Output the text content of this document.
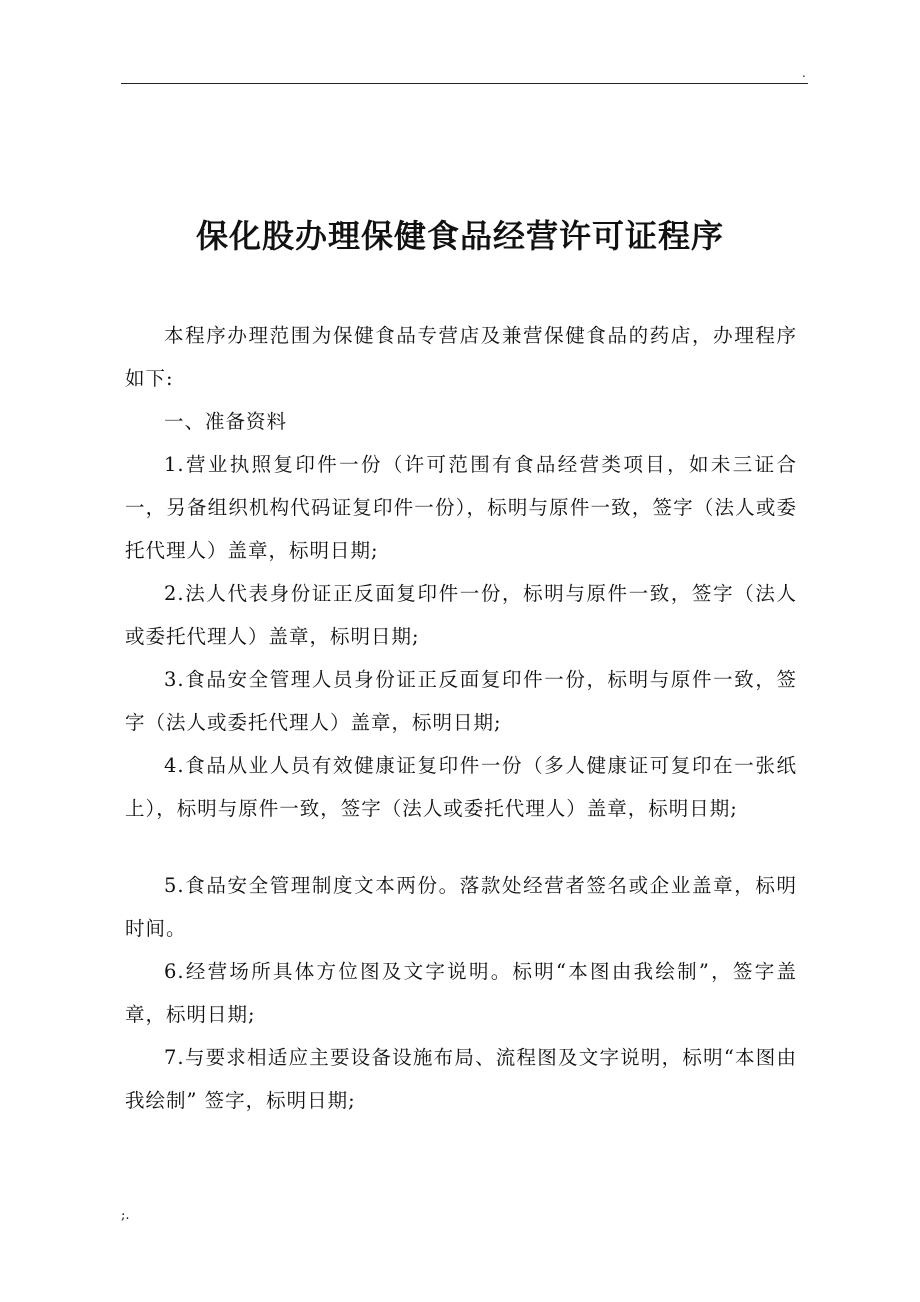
.
保化股办理保健食品经营许可证程序

本程序办理范围为保健食品专营店及兼营保健食品的药店，办理程序如下:

一、准备资料

1.营业执照复印件一份（许可范围有食品经营类项目，如未三证合一，另备组织机构代码证复印件一份），标明与原件一致，签字（法人或委托代理人）盖章，标明日期;

2.法人代表身份证正反面复印件一份，标明与原件一致，签字（法人或委托代理人）盖章，标明日期;

3.食品安全管理人员身份证正反面复印件一份，标明与原件一致，签字（法人或委托代理人）盖章，标明日期;

4.食品从业人员有效健康证复印件一份（多人健康证可复印在一张纸上），标明与原件一致，签字（法人或委托代理人）盖章，标明日期;

5.食品安全管理制度文本两份。落款处经营者签名或企业盖章，标明时间。

6.经营场所具体方位图及文字说明。标明“本图由我绘制”，签字盖章，标明日期;

7.与要求相适应主要设备设施布局、流程图及文字说明，标明“本图由我绘制” 签字，标明日期;

;.
